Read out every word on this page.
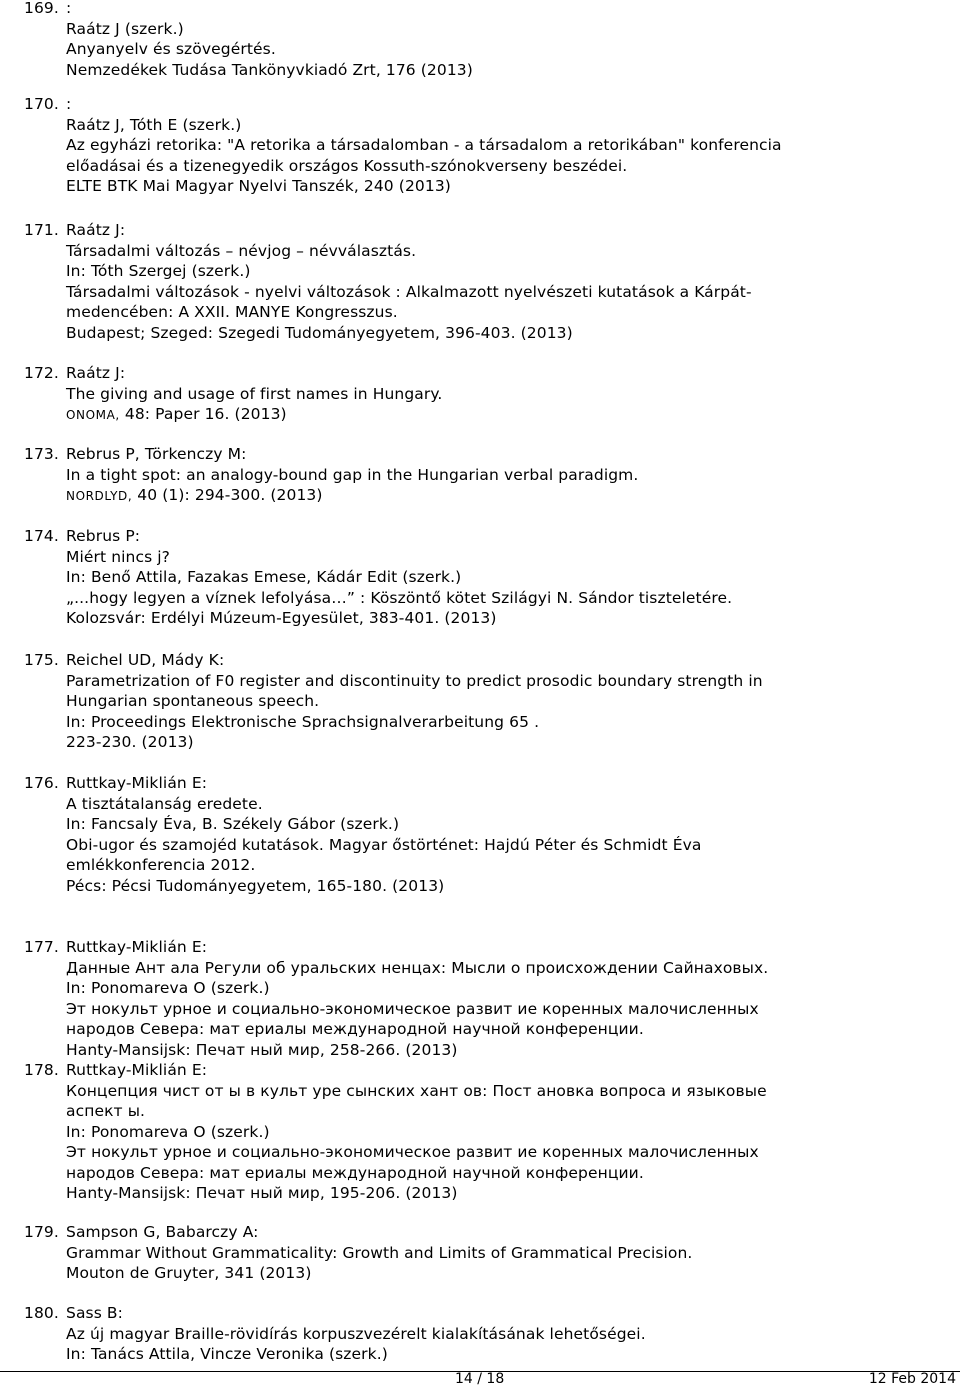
169. :
Raátz J (szerk.)
Anyanyelv és szövegértés.
Nemzedékek Tudása Tankönyvkiadó Zrt, 176 (2013)
170. :
Raátz J, Tóth E (szerk.)
Az egyházi retorika: "A retorika a társadalomban - a társadalom a retorikában" konferencia
előadásai és a tizenegyedik országos Kossuth-szónokverseny beszédei.
ELTE BTK Mai Magyar Nyelvi Tanszék, 240 (2013)
171. Raátz J:
Társadalmi változás – névjog – névválasztás.
In: Tóth Szergej (szerk.)
Társadalmi változások - nyelvi változások : Alkalmazott nyelvészeti kutatások a Kárpát-
medencében: A XXII. MANYE Kongresszus.
Budapest; Szeged: Szegedi Tudományegyetem, 396-403. (2013)
172. Raátz J:
The giving and usage of first names in Hungary.
ONOMA, 48: Paper 16. (2013)
173. Rebrus P, Törkenczy M:
In a tight spot: an analogy-bound gap in the Hungarian verbal paradigm.
NORDLYD, 40 (1): 294-300. (2013)
174. Rebrus P:
Miért nincs j?
In: Benő Attila, Fazakas Emese, Kádár Edit (szerk.)
„...hogy legyen a víznek lefolyása…” : Köszöntő kötet Szilágyi N. Sándor tiszteletére.
Kolozsvár: Erdélyi Múzeum-Egyesület, 383-401. (2013)
175. Reichel UD, Mády K:
Parametrization of F0 register and discontinuity to predict prosodic boundary strength in
Hungarian spontaneous speech.
In: Proceedings Elektronische Sprachsignalverarbeitung 65 .
223-230. (2013)
176. Ruttkay-Miklián E:
A tisztátalanság eredete.
In: Fancsaly Éva, B. Székely Gábor (szerk.)
Obi-ugor és szamojéd kutatások. Magyar őstörténet: Hajdú Péter és Schmidt Éva
emlékkonferencia 2012.
Pécs: Pécsi Tudományegyetem, 165-180. (2013)
177. Ruttkay-Miklián E:
Данные Ант ала Регули об уральских ненцах: Мысли о происхождении Сайнаховых.
In: Ponomareva O (szerk.)
Эт нокульт урное и социально-экономическое развит ие коренных малочисленных
народов Севера: мат ериалы международной научной конференции.
Hanty-Mansijsk: Печат ный мир, 258-266. (2013)
178. Ruttkay-Miklián E:
Концепция чист от ы в культ уре сынских хант ов: Пост ановка вопроса и языковые
аспект ы.
In: Ponomareva O (szerk.)
Эт нокульт урное и социально-экономическое развит ие коренных малочисленных
народов Севера: мат ериалы международной научной конференции.
Hanty-Mansijsk: Печат ный мир, 195-206. (2013)
179. Sampson G, Babarczy A:
Grammar Without Grammaticality: Growth and Limits of Grammatical Precision.
Mouton de Gruyter, 341 (2013)
180. Sass B:
Az új magyar Braille-rövidírás korpuszvezérelt kialakításának lehetőségei.
In: Tanács Attila, Vincze Veronika (szerk.)
14 / 18	12 Feb 2014
